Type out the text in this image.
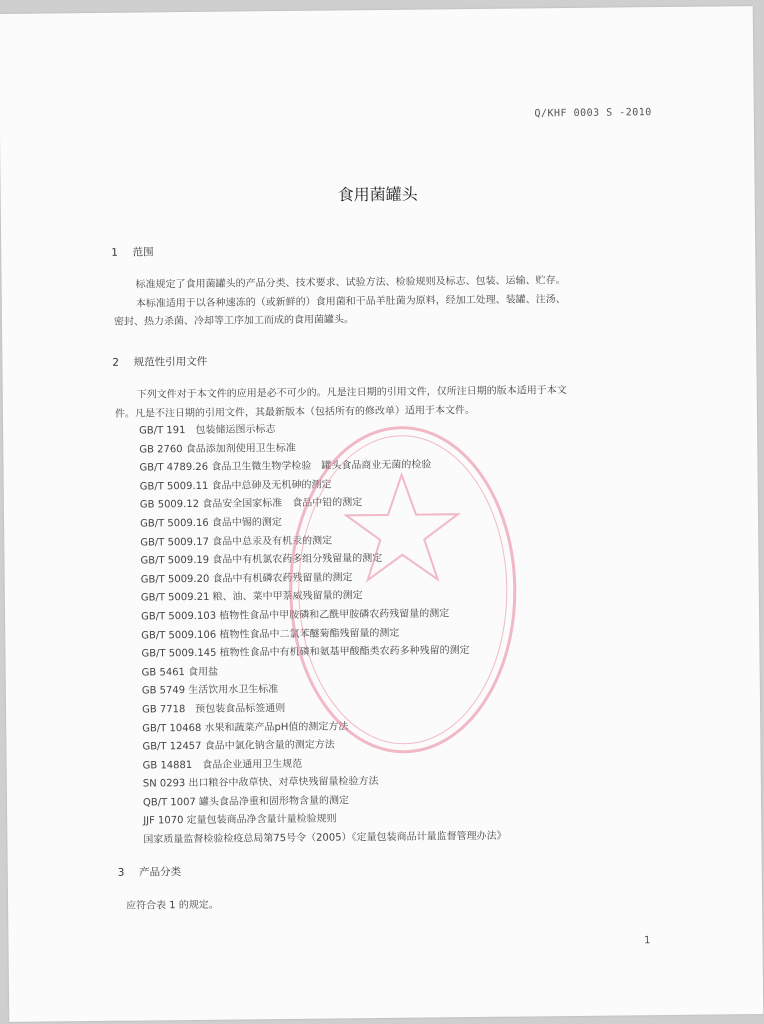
Q/KHF 0003 S -2010
食用菌罐头
1 范围

标准规定了食用菌罐头的产品分类、技术要求、试验方法、检验规则及标志、包装、运输、贮存。

本标准适用于以各种速冻的（或新鲜的）食用菌和干品羊肚菌为原料，经加工处理、装罐、注汤、

密封、热力杀菌、冷却等工序加工而成的食用菌罐头。

2 规范性引用文件

下列文件对于本文件的应用是必不可少的。凡是注日期的引用文件，仅所注日期的版本适用于本文

件。凡是不注日期的引用文件，其最新版本（包括所有的修改单）适用于本文件。

GB/T 191　包装储运图示标志
GB 2760 食品添加剂使用卫生标准
GB/T 4789.26 食品卫生微生物学检验　罐头食品商业无菌的检验
GB/T 5009.11 食品中总砷及无机砷的测定
GB 5009.12 食品安全国家标准　食品中铅的测定
GB/T 5009.16 食品中锡的测定
GB/T 5009.17 食品中总汞及有机汞的测定
GB/T 5009.19 食品中有机氯农药多组分残留量的测定
GB/T 5009.20 食品中有机磷农药残留量的测定
GB/T 5009.21 粮、油、菜中甲萘威残留量的测定
GB/T 5009.103 植物性食品中甲胺磷和乙酰甲胺磷农药残留量的测定
GB/T 5009.106 植物性食品中二氯苯醚菊酯残留量的测定
GB/T 5009.145 植物性食品中有机磷和氨基甲酸酯类农药多种残留的测定
GB 5461 食用盐
GB 5749 生活饮用水卫生标准
GB 7718　预包装食品标签通则
GB/T 10468 水果和蔬菜产品pH值的测定方法
GB/T 12457 食品中氯化钠含量的测定方法
GB 14881　食品企业通用卫生规范
SN 0293 出口粮谷中敌草快、对草快残留量检验方法
QB/T 1007 罐头食品净重和固形物含量的测定
JJF 1070 定量包装商品净含量计量检验规则
国家质量监督检验检疫总局第75号令（2005）《定量包装商品计量监督管理办法》
3 产品分类
应符合表 1 的规定。
1
